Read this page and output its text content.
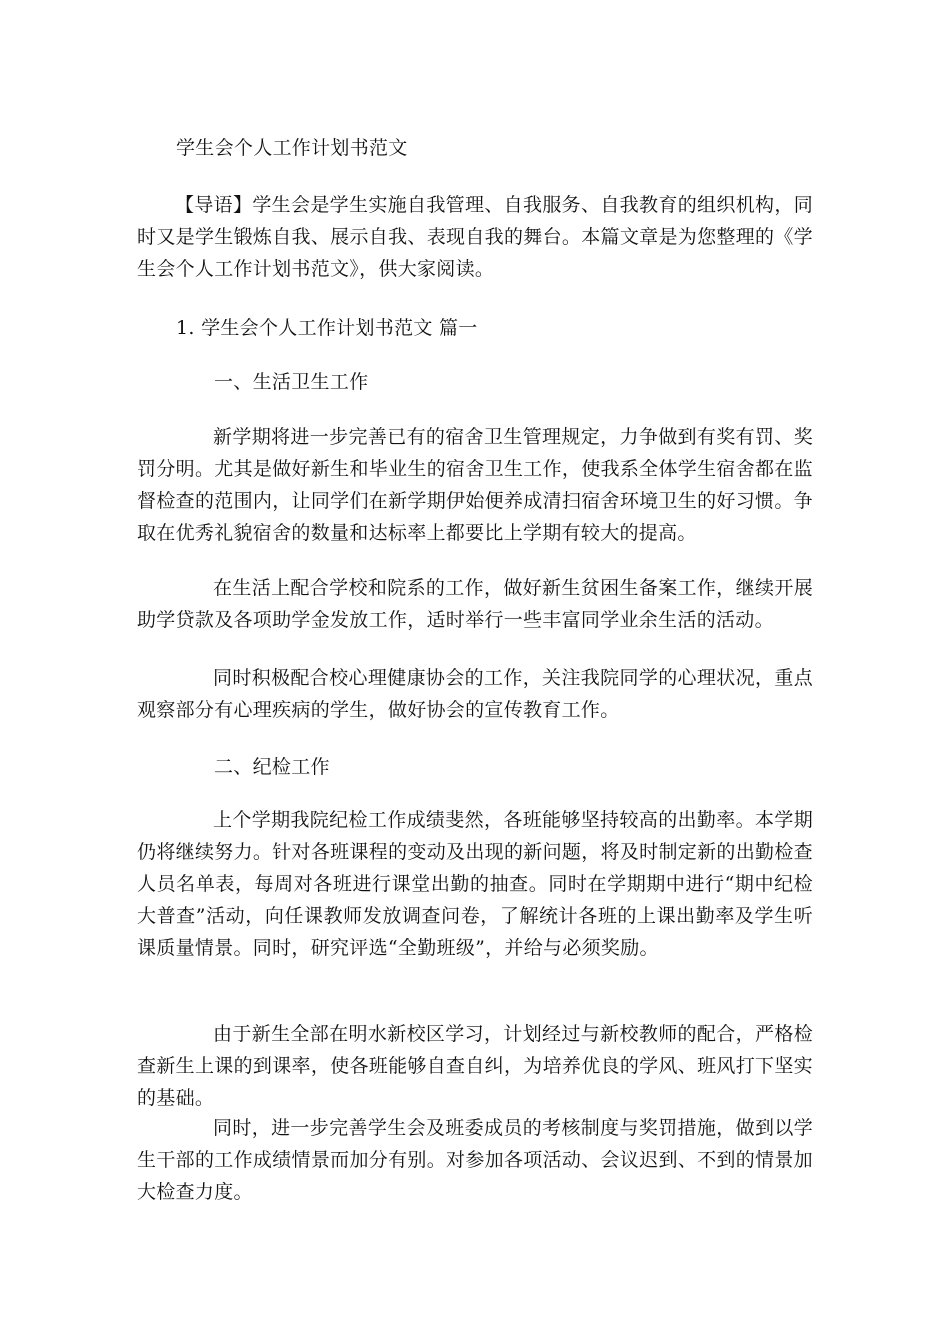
学生会个人工作计划书范文
【导语】学生会是学生实施自我管理、自我服务、自我教育的组织机构，同时又是学生锻炼自我、展示自我、表现自我的舞台。本篇文章是为您整理的《学生会个人工作计划书范文》，供大家阅读。
1. 学生会个人工作计划书范文 篇一
一、生活卫生工作
新学期将进一步完善已有的宿舍卫生管理规定，力争做到有奖有罚、奖罚分明。尤其是做好新生和毕业生的宿舍卫生工作，使我系全体学生宿舍都在监督检查的范围内，让同学们在新学期伊始便养成清扫宿舍环境卫生的好习惯。争取在优秀礼貌宿舍的数量和达标率上都要比上学期有较大的提高。
在生活上配合学校和院系的工作，做好新生贫困生备案工作，继续开展助学贷款及各项助学金发放工作，适时举行一些丰富同学业余生活的活动。
同时积极配合校心理健康协会的工作，关注我院同学的心理状况，重点观察部分有心理疾病的学生，做好协会的宣传教育工作。
二、纪检工作
上个学期我院纪检工作成绩斐然，各班能够坚持较高的出勤率。本学期仍将继续努力。针对各班课程的变动及出现的新问题，将及时制定新的出勤检查人员名单表，每周对各班进行课堂出勤的抽查。同时在学期期中进行“期中纪检大普查”活动，向任课教师发放调查问卷，了解统计各班的上课出勤率及学生听课质量情景。同时，研究评选“全勤班级”，并给与必须奖励。
由于新生全部在明水新校区学习，计划经过与新校教师的配合，严格检查新生上课的到课率，使各班能够自查自纠，为培养优良的学风、班风打下坚实的基础。
同时，进一步完善学生会及班委成员的考核制度与奖罚措施，做到以学生干部的工作成绩情景而加分有别。对参加各项活动、会议迟到、不到的情景加大检查力度。
